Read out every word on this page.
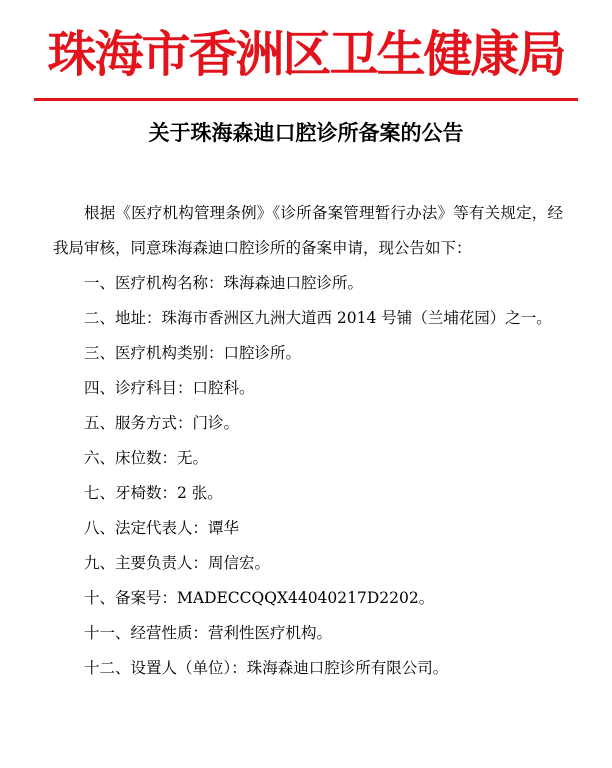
珠海市香洲区卫生健康局
关于珠海森迪口腔诊所备案的公告

根据《医疗机构管理条例》《诊所备案管理暂行办法》等有关规定，经我局审核，同意珠海森迪口腔诊所的备案申请，现公告如下：

一、医疗机构名称：珠海森迪口腔诊所。

二、地址：珠海市香洲区九洲大道西 2014 号铺（兰埔花园）之一。

三、医疗机构类别：口腔诊所。

四、诊疗科目：口腔科。

五、服务方式：门诊。

六、床位数：无。

七、牙椅数：2 张。

八、法定代表人：谭华

九、主要负责人：周信宏。

十、备案号：MADECCQQX44040217D2202。

十一、经营性质：营利性医疗机构。

十二、设置人（单位）：珠海森迪口腔诊所有限公司。
